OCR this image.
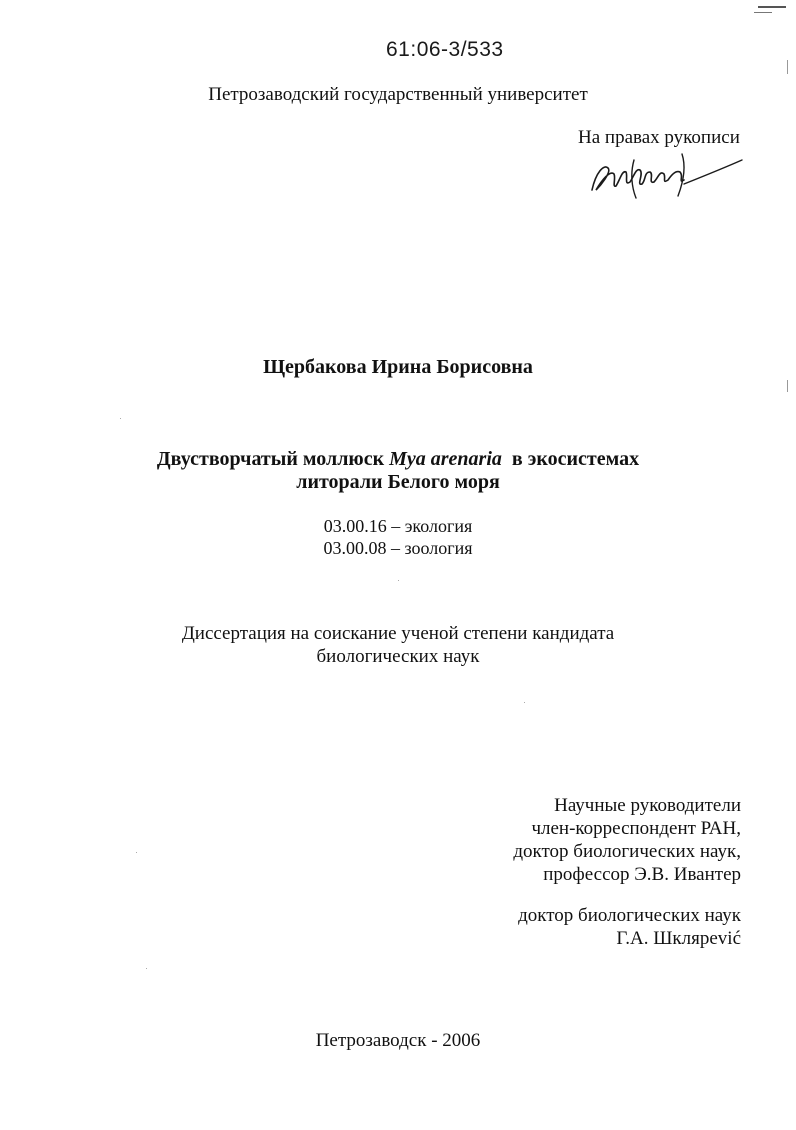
61:06-3/533
Петрозаводский государственный университет
На правах рукописи
Щербакова Ирина Борисовна
Двустворчатый моллюск Mya arenaria  в экосистемах
литорали Белого моря
03.00.16 – экология
03.00.08 – зоология
Диссертация на соискание ученой степени кандидата
биологических наук
Научные руководители
член-корреспондент РАН,
доктор биологических наук,
профессор Э.В. Ивантер
доктор биологических наук
Г.А. Шклярević
Петрозаводск - 2006
